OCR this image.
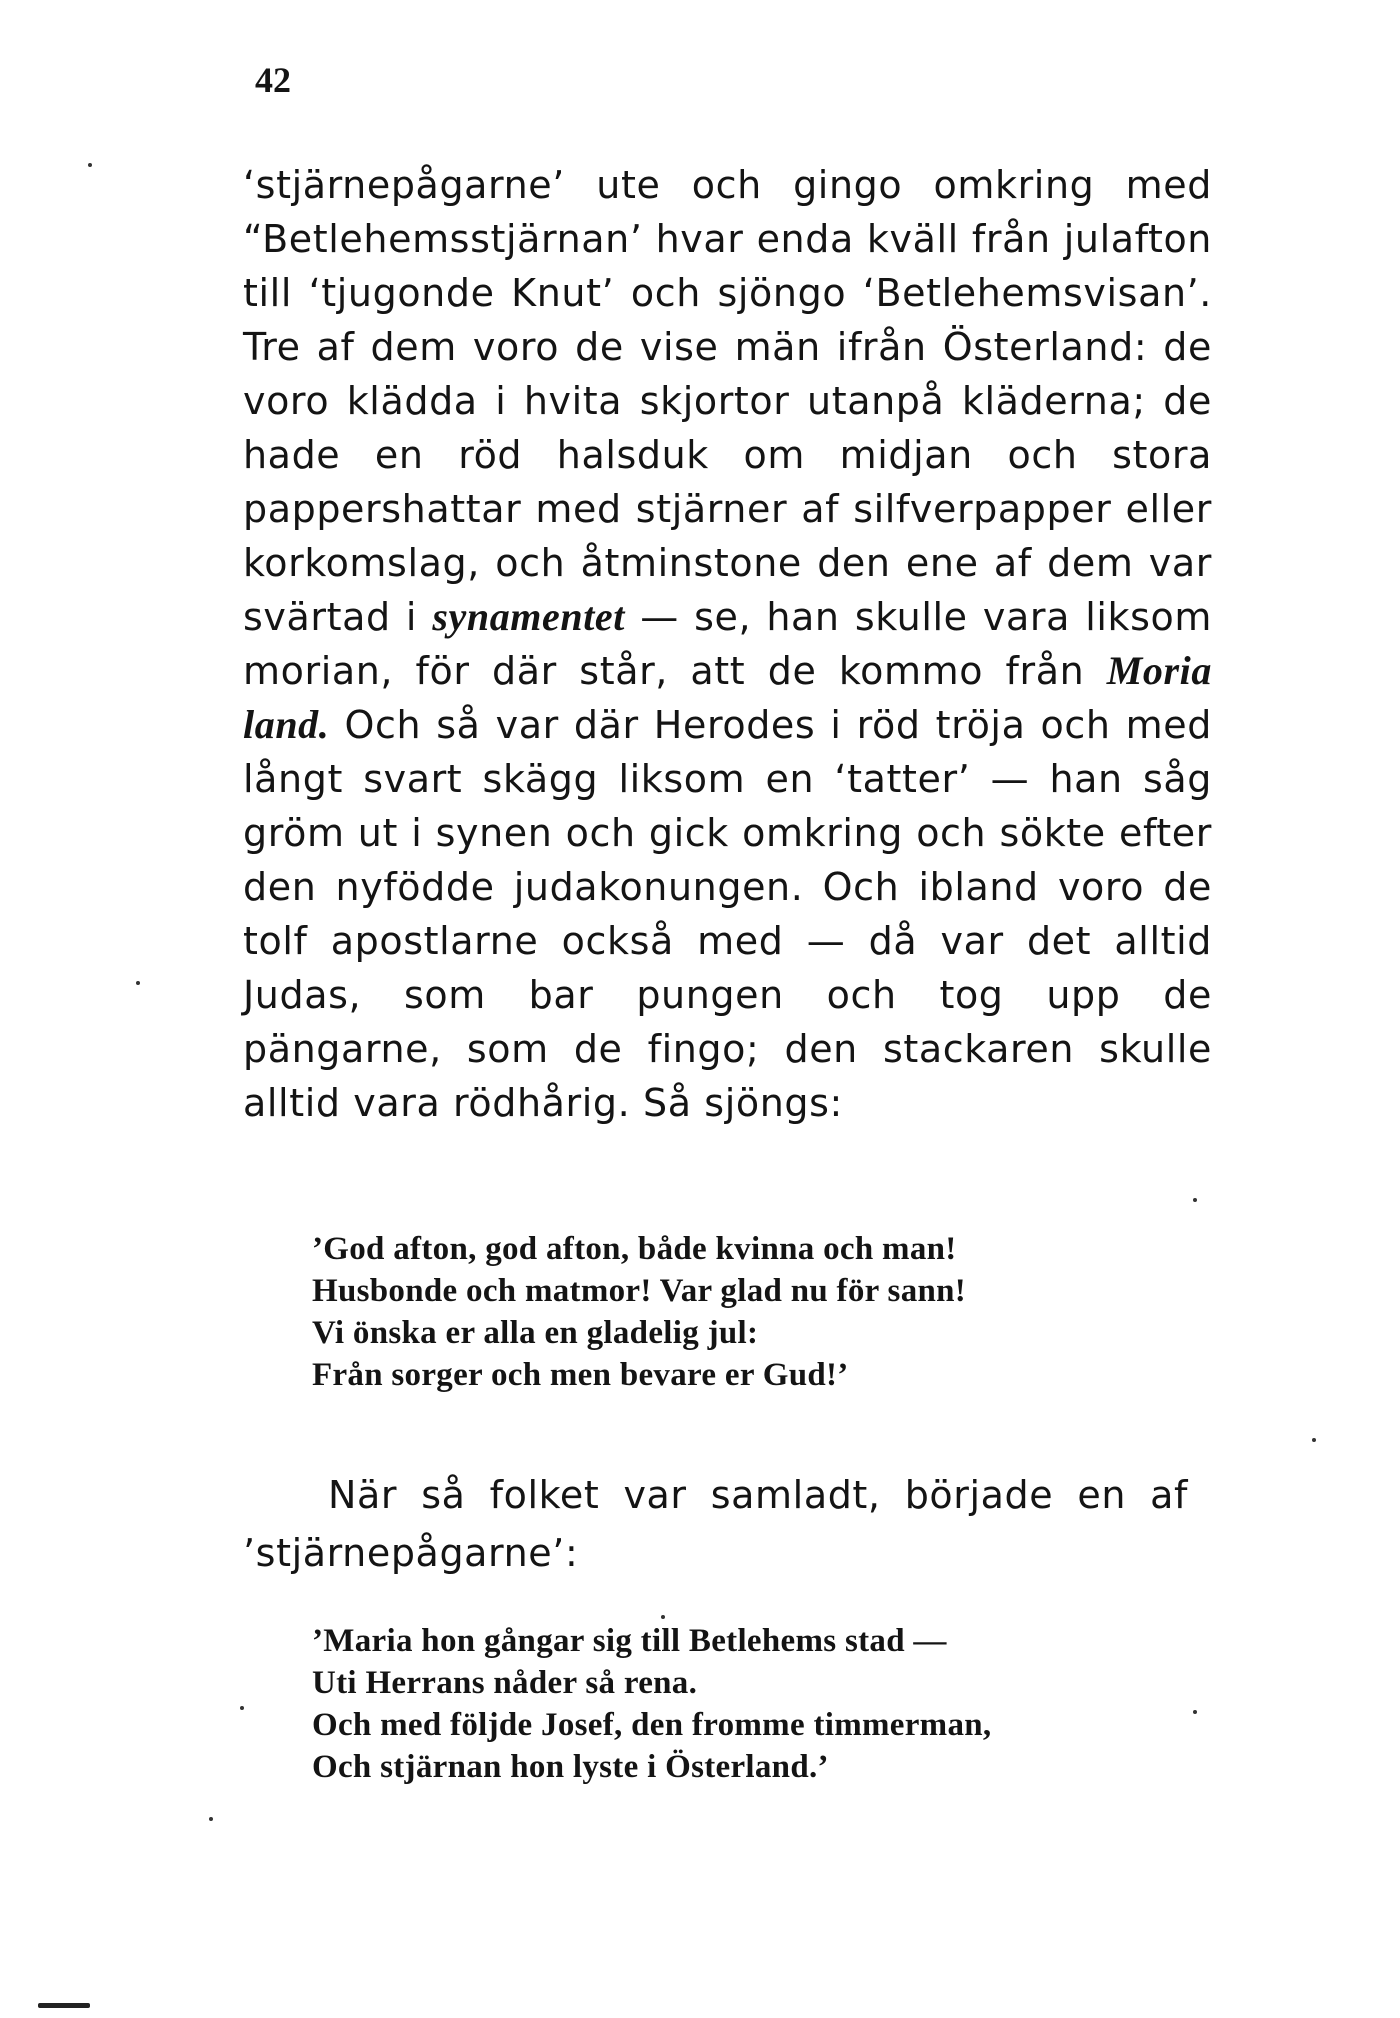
42

‘stjärnepågarne’ ute och gingo omkring med “Betlehemsstjärnan’ hvar enda kväll från julafton till ‘tjugonde Knut’ och sjöngo ‘Betlehemsvisan’. Tre af dem voro de vise män ifrån Österland: de voro klädda i hvita skjortor utanpå kläderna; de hade en röd halsduk om midjan och stora pappershattar med stjärner af silfverpapper eller korkomslag, och åtminstone den ene af dem var svärtad i synamentet — se, han skulle vara liksom morian, för där står, att de kommo från Moria land. Och så var där Herodes i röd tröja och med långt svart skägg liksom en ‘tatter’ — han såg gröm ut i synen och gick omkring och sökte efter den nyfödde judakonungen. Och ibland voro de tolf apostlarne också med — då var det alltid Judas, som bar pungen och tog upp de pängarne, som de fingo; den stackaren skulle alltid vara rödhårig. Så sjöngs:

’God afton, god afton, både kvinna och man!
Husbonde och matmor! Var glad nu för sann!
Vi önska er alla en gladelig jul:
Från sorger och men bevare er Gud!’

När så folket var samladt, började en af ’stjärnepågarne’:

’Maria hon gångar sig till Betlehems stad —
Uti Herrans nåder så rena.
Och med följde Josef, den fromme timmerman,
Och stjärnan hon lyste i Österland.’
